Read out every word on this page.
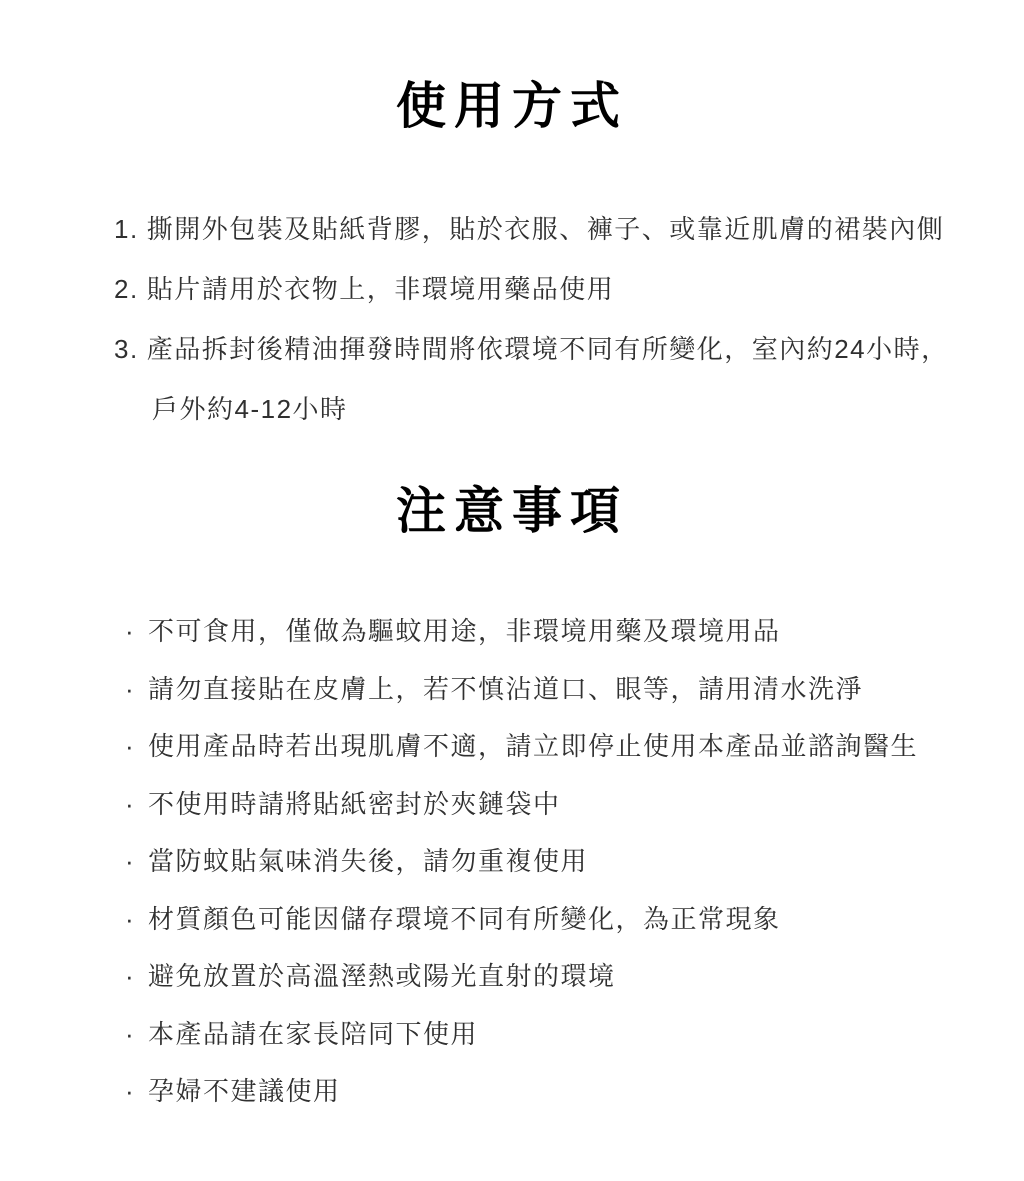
使用方式
1. 撕開外包裝及貼紙背膠，貼於衣服、褲子、或靠近肌膚的裙裝內側
2. 貼片請用於衣物上，非環境用藥品使用
3. 產品拆封後精油揮發時間將依環境不同有所變化，室內約24小時，
戶外約4-12小時
注意事項
· 不可食用，僅做為驅蚊用途，非環境用藥及環境用品
· 請勿直接貼在皮膚上，若不慎沾道口、眼等，請用清水洗淨
· 使用產品時若出現肌膚不適，請立即停止使用本產品並諮詢醫生
· 不使用時請將貼紙密封於夾鏈袋中
· 當防蚊貼氣味消失後，請勿重複使用
· 材質顏色可能因儲存環境不同有所變化，為正常現象
· 避免放置於高溫溼熱或陽光直射的環境
· 本產品請在家長陪同下使用
· 孕婦不建議使用
